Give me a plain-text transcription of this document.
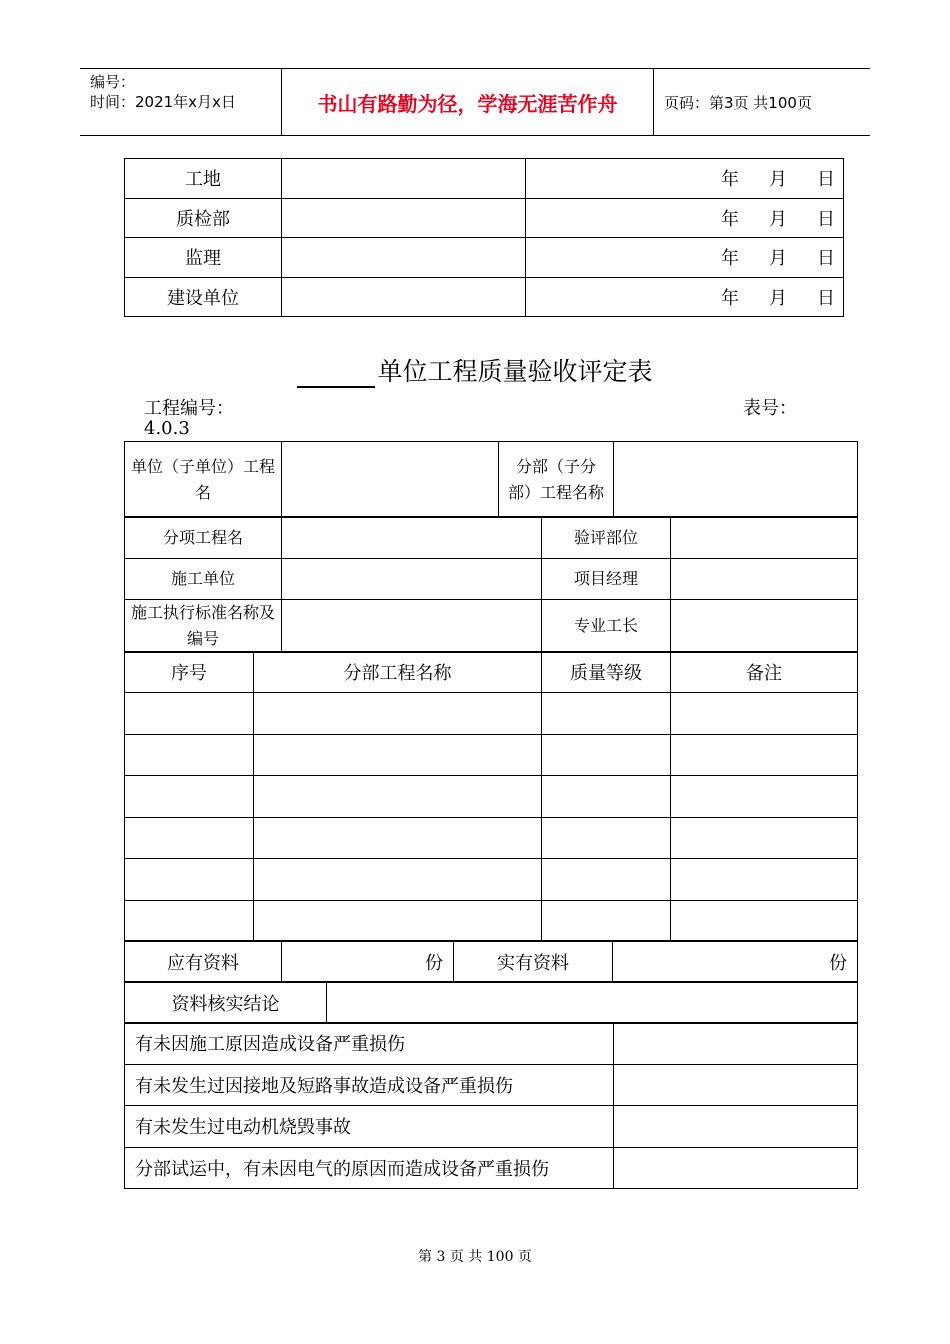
编号：
时间：2021年x月x日	书山有路勤为径，学海无涯苦作舟	页码：第3页 共100页
工地		年 月 日
质检部		年 月 日
监理		年 月 日
建设单位		年 月 日
单位工程质量验收评定表
工程编号：	表号：
4.0.3
单位（子单位）工程名		分部（子分部）工程名称	
分项工程名		验评部位	
施工单位		项目经理	
施工执行标准名称及编号		专业工长	
序号	分部工程名称	质量等级	备注

应有资料	份	实有资料	份
资料核实结论	
有未因施工原因造成设备严重损伤	
有未发生过因接地及短路事故造成设备严重损伤	
有未发生过电动机烧毁事故	
分部试运中，有未因电气的原因而造成设备严重损伤	
第 3 页 共 100 页
